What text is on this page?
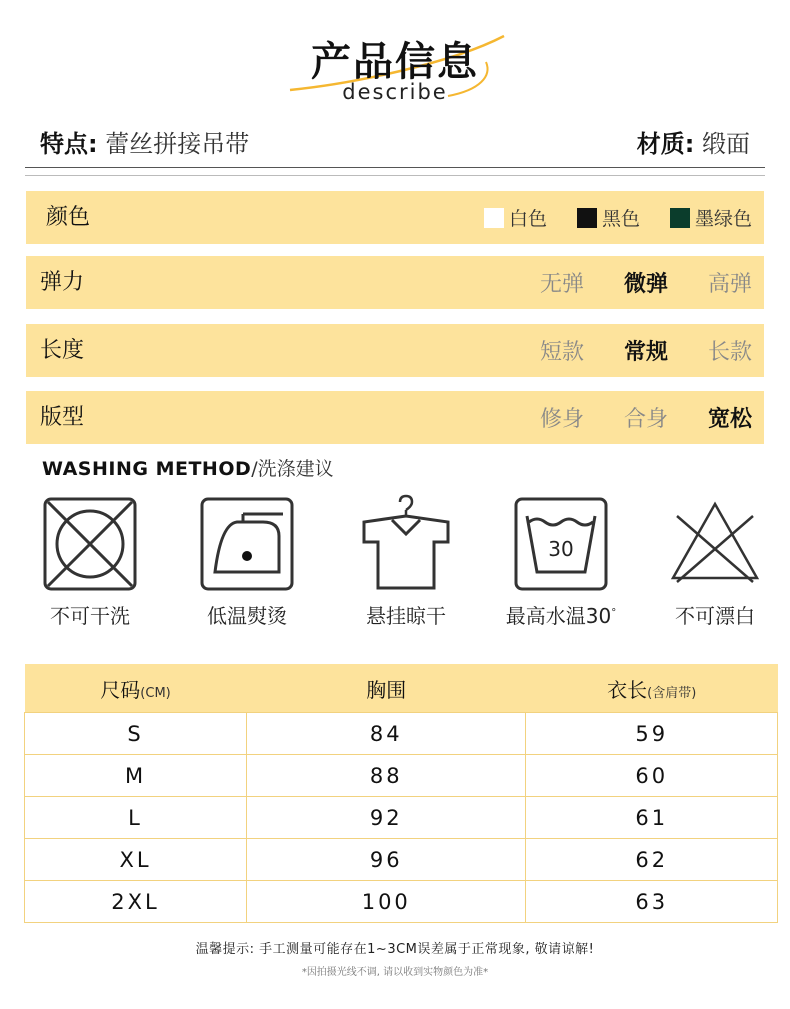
产品信息
describe
特点: 蕾丝拼接吊带	材质: 缎面
颜色	白色	黑色	墨绿色
弹力	无弹 微弹 高弹
长度	短款 常规 长款
版型	修身 合身 宽松
WASHING METHOD/洗涤建议
不可干洗	低温熨烫	悬挂晾干
30
最高水温30°	不可漂白
尺码(CM)	胸围	衣长(含肩带)
S	84	59
M	88	60
L	92	61
XL	96	62
2XL	100	63
温馨提示: 手工测量可能存在1~3CM误差属于正常现象, 敬请谅解!
*因拍摄光线不调, 请以收到实物颜色为准*
